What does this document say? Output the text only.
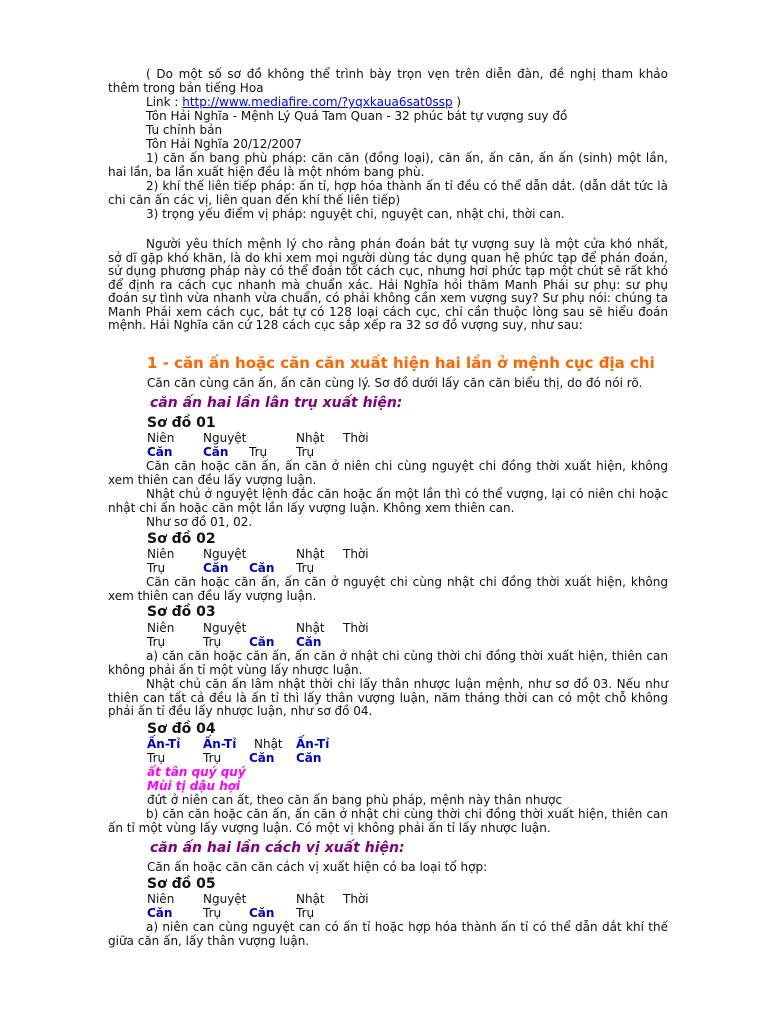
( Do một số sơ đồ không thể trình bày trọn vẹn trên diễn đàn, đề nghị tham khảo thêm trong bản tiếng Hoa

Link : http://www.mediafire.com/?yqxkaua6sat0ssp )

Tôn Hải Nghĩa - Mệnh Lý Quá Tam Quan - 32 phúc bát tự vượng suy đồ

Tu chỉnh bản

Tôn Hải Nghĩa 20/12/2007

1) căn ấn bang phù pháp: căn căn (đồng loại), căn ấn, ấn căn, ấn ấn (sinh) một lần, hai lần, ba lần xuất hiện đều là một nhóm bang phù.

2) khí thế liên tiếp pháp: ấn tỉ, hợp hóa thành ấn tỉ đều có thể dẫn dắt. (dẫn dắt tức là chi căn ấn các vị, liên quan đến khí thế liên tiếp)

3) trọng yếu điểm vị pháp: nguyệt chi, nguyệt can, nhật chi, thời can.

Người yêu thích mệnh lý cho rằng phán đoán bát tự vượng suy là một cửa khó nhất, sở dĩ gặp khó khăn, là do khi xem mọi người dùng tác dụng quan hệ phức tạp để phán đoán, sử dụng phương pháp này có thể đoán tốt cách cục, nhưng hơi phức tạp một chút sẽ rất khó để định ra cách cục nhanh mà chuẩn xác. Hải Nghĩa hỏi thăm Manh Phái sư phụ: sư phụ đoán sự tình vừa nhanh vừa chuẩn, có phải không cần xem vượng suy? Sư phụ nói: chúng ta Manh Phái xem cách cục, bát tự có 128 loại cách cục, chỉ cần thuộc lòng sau sẽ hiểu đoán mệnh. Hải Nghĩa căn cứ 128 cách cục sắp xếp ra 32 sơ đồ vượng suy, như sau:

1 - căn ấn hoặc căn căn xuất hiện hai lần ở mệnh cục địa chi
Căn căn cùng căn ấn, ấn căn cùng lý. Sơ đồ dưới lấy căn căn biểu thị, do đó nói rõ.
căn ấn hai lần lân trụ xuất hiện:
Sơ đồ 01
Niên Nguyệt	Nhật Thời
Căn	Căn Trụ Trụ

Căn căn hoặc căn ấn, ấn căn ở niên chi cùng nguyệt chi đồng thời xuất hiện, không xem thiên can đều lấy vượng luận.

Nhật chủ ở nguyệt lệnh đắc căn hoặc ấn một lần thì có thể vượng, lại có niên chi hoặc nhật chi ấn hoặc căn một lần lấy vượng luận. Không xem thiên can.

Như sơ đồ 01, 02.

Sơ đồ 02
Niên Nguyệt	Nhật Thời
Trụ	Căn Căn Trụ

Căn căn hoặc căn ấn, ấn căn ở nguyệt chi cùng nhật chi đồng thời xuất hiện, không xem thiên can đều lấy vượng luận.

Sơ đồ 03
Niên Nguyệt	Nhật Thời
Trụ	Trụ Căn Căn

a) căn căn hoặc căn ấn, ấn căn ở nhật chi cùng thời chi đồng thời xuất hiện, thiên can không phải ấn tỉ một vùng lấy nhược luận.

Nhật chủ căn ấn lâm nhật thời chi lấy thân nhược luận mệnh, như sơ đồ 03. Nếu như thiên can tất cả đều là ấn tỉ thì lấy thân vượng luận, năm tháng thời can có một chỗ không phải ấn tỉ đều lấy nhược luận, như sơ đồ 04.

Sơ đồ 04
Ấn-Tỉ Ấn-Tỉ Nhật Ấn-Tỉ
Trụ	Trụ Căn Căn
ất tân quý quý
Mùi tị dậu hợi
đứt ở niên can ất, theo căn ấn bang phù pháp, mệnh này thân nhược

b) căn căn hoặc căn ấn, ấn căn ở nhật chi cùng thời chi đồng thời xuất hiện, thiên can ấn tỉ một vùng lấy vượng luận. Có một vị không phải ấn tỉ lấy nhược luận.

căn ấn hai lần cách vị xuất hiện:
Căn ấn hoặc căn căn cách vị xuất hiện có ba loại tổ hợp:
Sơ đồ 05
Niên Nguyệt	Nhật Thời
Căn	Trụ Căn Trụ

a) niên can cùng nguyệt can có ấn tỉ hoặc hợp hóa thành ấn tỉ có thể dẫn dắt khí thế giữa căn ấn, lấy thân vượng luận.
